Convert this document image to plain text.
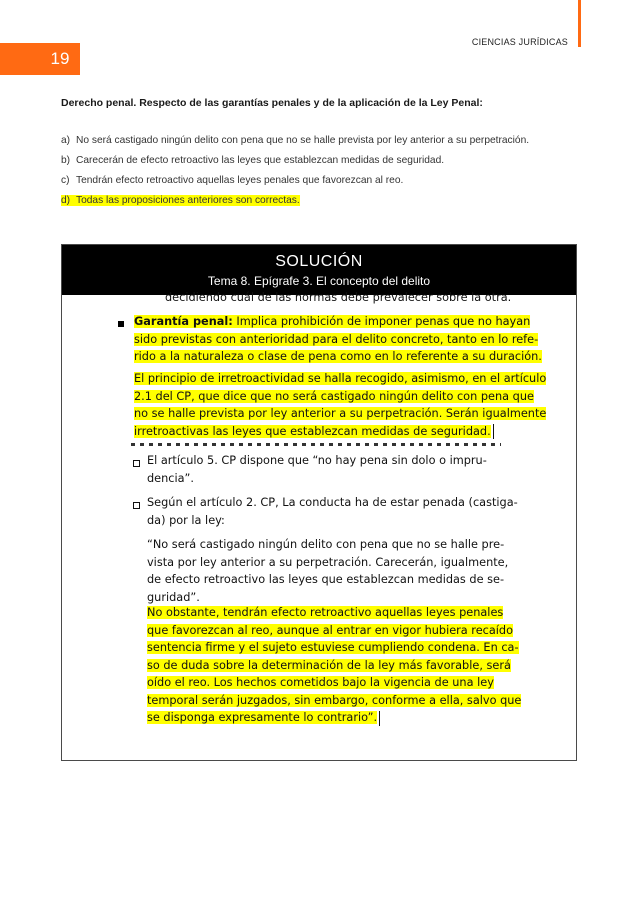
CIENCIAS JURÍDICAS
19
Derecho penal. Respecto de las garantías penales y de la aplicación de la Ley Penal:
a) No será castigado ningún delito con pena que no se halle prevista por ley anterior a su perpetración.
b) Carecerán de efecto retroactivo las leyes que establezcan medidas de seguridad.
c) Tendrán efecto retroactivo aquellas leyes penales que favorezcan al reo.
d) Todas las proposiciones anteriores son correctas.
SOLUCIÓN
Tema 8. Epígrafe 3. El concepto del delito
decidiendo cuál de las normas debe prevalecer sobre la otra.
Garantía penal: Implica prohibición de imponer penas que no hayan
sido previstas con anterioridad para el delito concreto, tanto en lo refe-
rido a la naturaleza o clase de pena como en lo referente a su duración.
El principio de irretroactividad se halla recogido, asimismo, en el artículo
2.1 del CP, que dice que no será castigado ningún delito con pena que
no se halle prevista por ley anterior a su perpetración. Serán igualmente
irretroactivas las leyes que establezcan medidas de seguridad.
El artículo 5. CP dispone que “no hay pena sin dolo o impru-
dencia”.
Según el artículo 2. CP, La conducta ha de estar penada (castiga-
da) por la ley:
“No será castigado ningún delito con pena que no se halle pre-
vista por ley anterior a su perpetración. Carecerán, igualmente,
de efecto retroactivo las leyes que establezcan medidas de se-
guridad”.
No obstante, tendrán efecto retroactivo aquellas leyes penales
que favorezcan al reo, aunque al entrar en vigor hubiera recaído
sentencia firme y el sujeto estuviese cumpliendo condena. En ca-
so de duda sobre la determinación de la ley más favorable, será
oído el reo. Los hechos cometidos bajo la vigencia de una ley
temporal serán juzgados, sin embargo, conforme a ella, salvo que
se disponga expresamente lo contrario”.
